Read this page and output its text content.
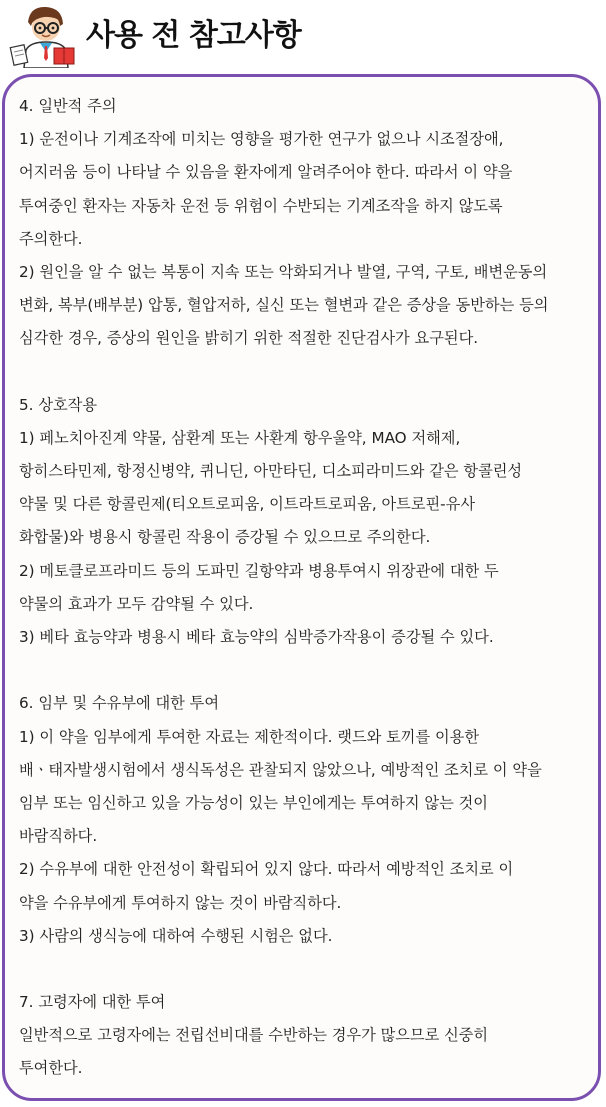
사용 전 참고사항
4. 일반적 주의
1) 운전이나 기계조작에 미치는 영향을 평가한 연구가 없으나 시조절장애,
어지러움 등이 나타날 수 있음을 환자에게 알려주어야 한다. 따라서 이 약을
투여중인 환자는 자동차 운전 등 위험이 수반되는 기계조작을 하지 않도록
주의한다.
2) 원인을 알 수 없는 복통이 지속 또는 악화되거나 발열, 구역, 구토, 배변운동의
변화, 복부(배부분) 압통, 혈압저하, 실신 또는 혈변과 같은 증상을 동반하는 등의
심각한 경우, 증상의 원인을 밝히기 위한 적절한 진단검사가 요구된다.
5. 상호작용
1) 페노치아진계 약물, 삼환계 또는 사환계 항우울약, MAO 저해제,
항히스타민제, 항정신병약, 퀴니딘, 아만타딘, 디소피라미드와 같은 항콜린성
약물 및 다른 항콜린제(티오트로피움, 이트라트로피움, 아트로핀-유사
화합물)와 병용시 항콜린 작용이 증강될 수 있으므로 주의한다.
2) 메토클로프라미드 등의 도파민 길항약과 병용투여시 위장관에 대한 두
약물의 효과가 모두 감약될 수 있다.
3) 베타 효능약과 병용시 베타 효능약의 심박증가작용이 증강될 수 있다.
6. 임부 및 수유부에 대한 투여
1) 이 약을 임부에게 투여한 자료는 제한적이다. 랫드와 토끼를 이용한
배ㆍ태자발생시험에서 생식독성은 관찰되지 않았으나, 예방적인 조치로 이 약을
임부 또는 임신하고 있을 가능성이 있는 부인에게는 투여하지 않는 것이
바람직하다.
2) 수유부에 대한 안전성이 확립되어 있지 않다. 따라서 예방적인 조치로 이
약을 수유부에게 투여하지 않는 것이 바람직하다.
3) 사람의 생식능에 대하여 수행된 시험은 없다.
7. 고령자에 대한 투여
일반적으로 고령자에는 전립선비대를 수반하는 경우가 많으므로 신중히
투여한다.
